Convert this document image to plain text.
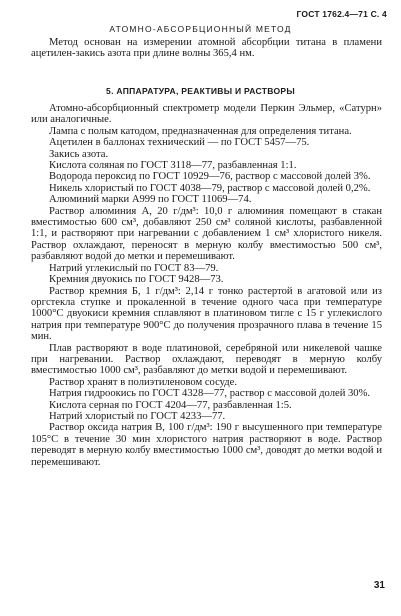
ГОСТ 1762.4—71 С. 4
АТОМНО-АБСОРБЦИОННЫЙ МЕТОД

Метод основан на измерении атомной абсорбции титана в пламени ацетилен-закись азота при длине волны 365,4 нм.

5. АППАРАТУРА, РЕАКТИВЫ И РАСТВОРЫ

Атомно-абсорбционный спектрометр модели Перкин Эльмер, «Сатурн» или аналогичные.

Лампа с полым катодом, предназначенная для определения титана.

Ацетилен в баллонах технический — по ГОСТ 5457—75.

Закись азота.

Кислота соляная по ГОСТ 3118—77, разбавленная 1:1.

Водорода пероксид по ГОСТ 10929—76, раствор с массовой долей 3%.

Никель хлористый по ГОСТ 4038—79, раствор с массовой долей 0,2%.

Алюминий марки А999 по ГОСТ 11069—74.

Раствор алюминия А, 20 г/дм³: 10,0 г алюминия помещают в стакан вместимостью 600 см³, добавляют 250 см³ соляной кислоты, разбавленной 1:1, и растворяют при нагревании с добавлением 1 см³ хлористого никеля. Раствор охлаждают, переносят в мерную колбу вместимостью 500 см³, разбавляют водой до метки и перемешивают.

Натрий углекислый по ГОСТ 83—79.

Кремния двуокись по ГОСТ 9428—73.

Раствор кремния Б, 1 г/дм³: 2,14 г тонко растертой в агатовой или из оргстекла ступке и прокаленной в течение одного часа при температуре 1000°С двуокиси кремния сплавляют в платиновом тигле с 15 г углекислого натрия при температуре 900°С до получения прозрачного плава в течение 15 мин.

Плав растворяют в воде платиновой, серебряной или никелевой чашке при нагревании. Раствор охлаждают, переводят в мерную колбу вместимостью 1000 см³, разбавляют до метки водой и перемешивают.

Раствор хранят в полиэтиленовом сосуде.

Натрия гидроокись по ГОСТ 4328—77, раствор с массовой долей 30%.

Кислота серная по ГОСТ 4204—77, разбавленная 1:5.

Натрий хлористый по ГОСТ 4233—77.

Раствор оксида натрия В, 100 г/дм³: 190 г высушенного при температуре 105°С в течение 30 мин хлористого натрия растворяют в воде. Раствор переводят в мерную колбу вместимостью 1000 см³, доводят до метки водой и перемешивают.

31
